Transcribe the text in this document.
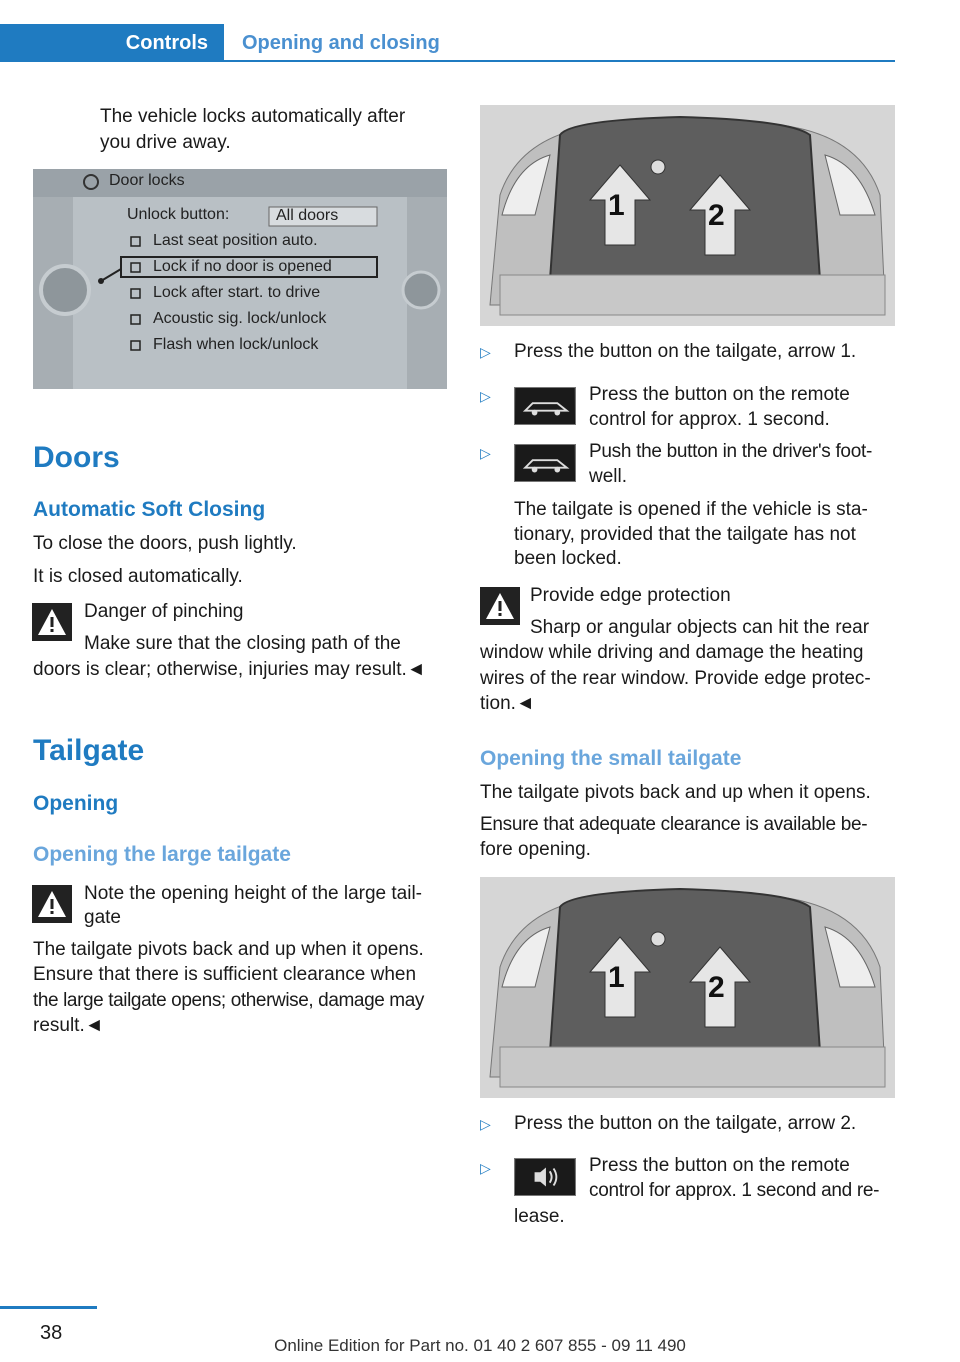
Controls	Opening and closing
The vehicle locks automatically after you drive away.
Door locks
Unlock button:	All doors
Last seat position auto.
Lock if no door is opened
Lock after start. to drive
Acoustic sig. lock/unlock
Flash when lock/unlock
Doors
Automatic Soft Closing
To close the doors, push lightly.
It is closed automatically.
Danger of pinching
Make sure that the closing path of the
doors is clear; otherwise, injuries may result.◄
Tailgate
Opening
Opening the large tailgate
Note the opening height of the large tail-
gate
The tailgate pivots back and up when it opens.
Ensure that there is sufficient clearance when
the large tailgate opens; otherwise, damage may
result.◄
1	2
▷ Press the button on the tailgate, arrow 1.
▷	Press the button on the remote
control for approx. 1 second.
▷	Push the button in the driver's foot-
well.
The tailgate is opened if the vehicle is sta-
tionary, provided that the tailgate has not
been locked.
Provide edge protection
Sharp or angular objects can hit the rear
window while driving and damage the heating
wires of the rear window. Provide edge protec-
tion.◄
Opening the small tailgate
The tailgate pivots back and up when it opens.
Ensure that adequate clearance is available be-
fore opening.
1	2
▷ Press the button on the tailgate, arrow 2.
▷	Press the button on the remote
control for approx. 1 second and re-
lease.
38
Online Edition for Part no. 01 40 2 607 855 - 09 11 490
